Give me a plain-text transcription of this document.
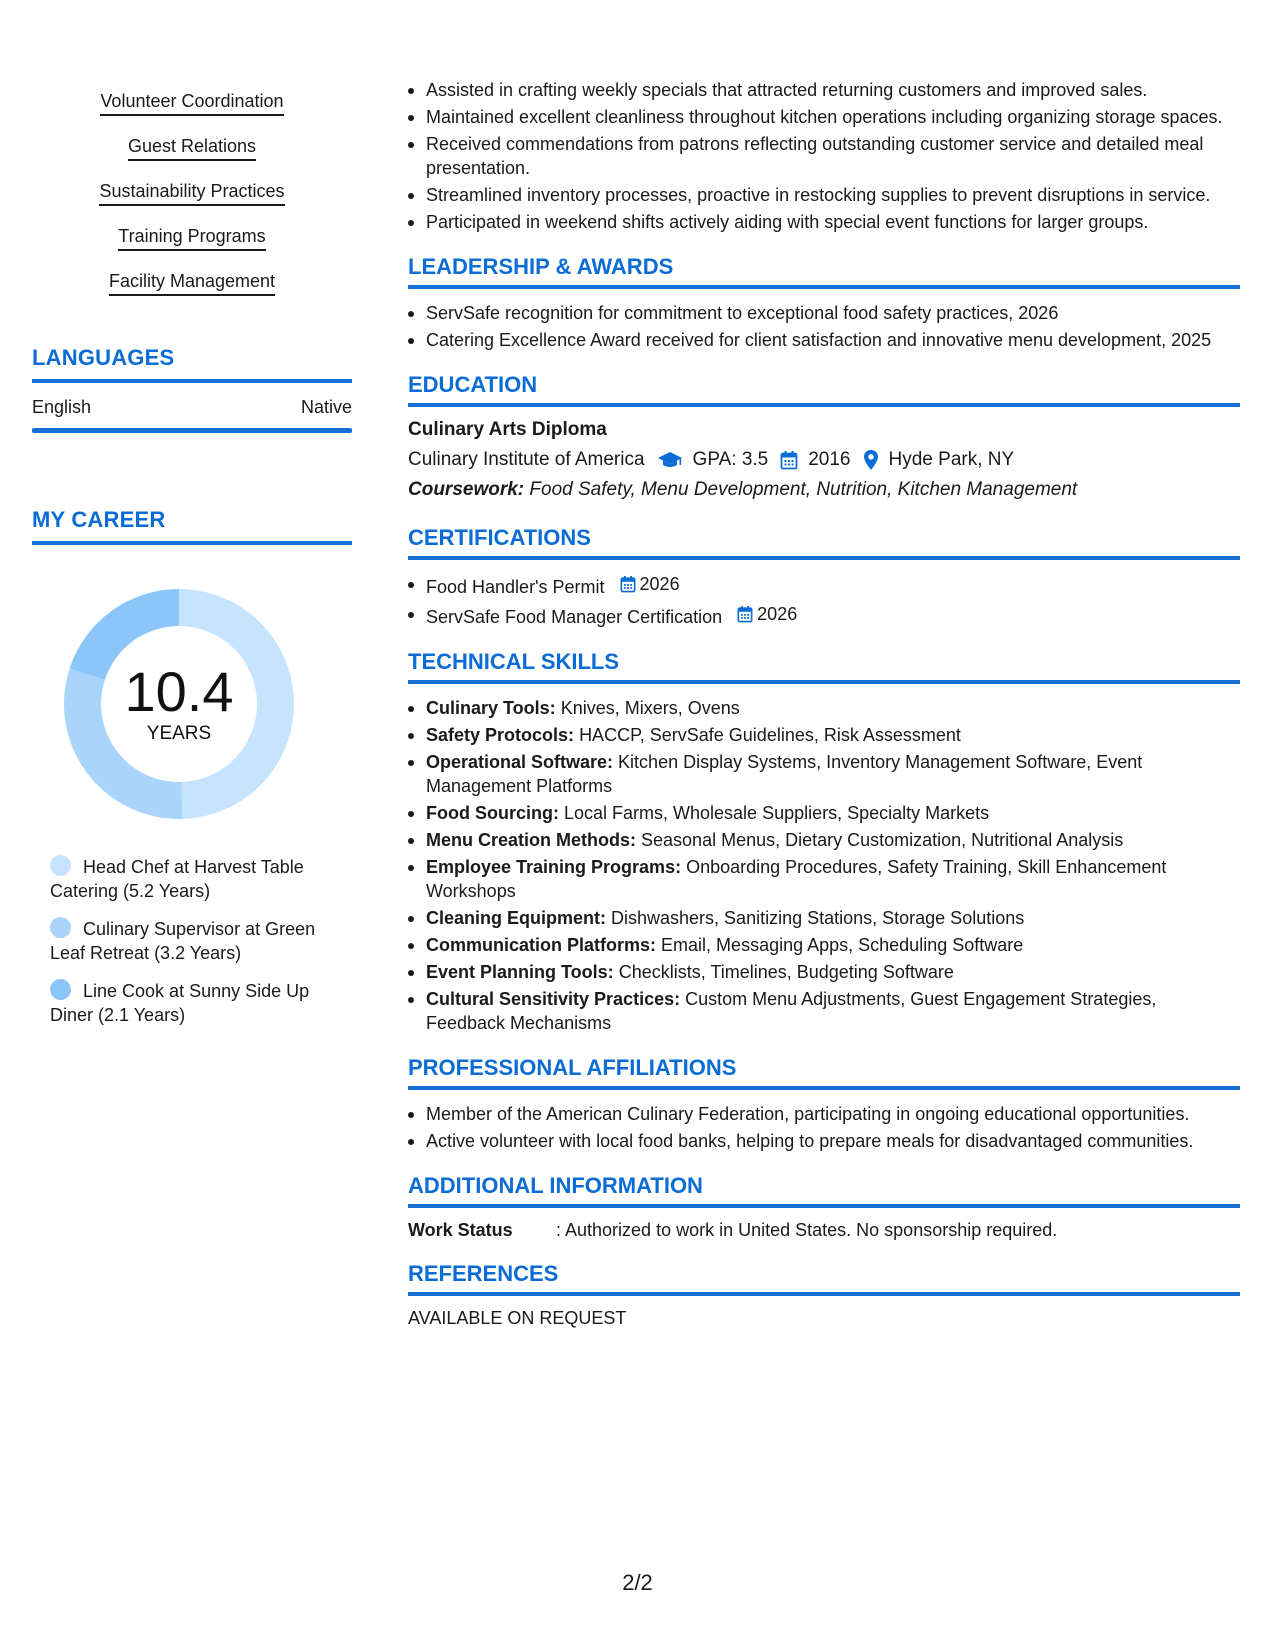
Volunteer Coordination
Guest Relations
Sustainability Practices
Training Programs
Facility Management
LANGUAGES
English	Native
MY CAREER
10.4
YEARS
Head Chef at Harvest Table Catering (5.2 Years)
Culinary Supervisor at Green Leaf Retreat (3.2 Years)
Line Cook at Sunny Side Up Diner (2.1 Years)
Assisted in crafting weekly specials that attracted returning customers and improved sales.
Maintained excellent cleanliness throughout kitchen operations including organizing storage spaces.
Received commendations from patrons reflecting outstanding customer service and detailed meal presentation.
Streamlined inventory processes, proactive in restocking supplies to prevent disruptions in service.
Participated in weekend shifts actively aiding with special event functions for larger groups.
LEADERSHIP & AWARDS
ServSafe recognition for commitment to exceptional food safety practices, 2026
Catering Excellence Award received for client satisfaction and innovative menu development, 2025
EDUCATION
Culinary Arts Diploma
Culinary Institute of America	GPA: 3.5 2016 Hyde Park, NY
Coursework: Food Safety, Menu Development, Nutrition, Kitchen Management
CERTIFICATIONS
Food Handler's Permit 2026
ServSafe Food Manager Certification 2026
TECHNICAL SKILLS
Culinary Tools: Knives, Mixers, Ovens
Safety Protocols: HACCP, ServSafe Guidelines, Risk Assessment
Operational Software: Kitchen Display Systems, Inventory Management Software, Event Management Platforms
Food Sourcing: Local Farms, Wholesale Suppliers, Specialty Markets
Menu Creation Methods: Seasonal Menus, Dietary Customization, Nutritional Analysis
Employee Training Programs: Onboarding Procedures, Safety Training, Skill Enhancement Workshops
Cleaning Equipment: Dishwashers, Sanitizing Stations, Storage Solutions
Communication Platforms: Email, Messaging Apps, Scheduling Software
Event Planning Tools: Checklists, Timelines, Budgeting Software
Cultural Sensitivity Practices: Custom Menu Adjustments, Guest Engagement Strategies, Feedback Mechanisms
PROFESSIONAL AFFILIATIONS
Member of the American Culinary Federation, participating in ongoing educational opportunities.
Active volunteer with local food banks, helping to prepare meals for disadvantaged communities.
ADDITIONAL INFORMATION
Work Status	: Authorized to work in United States. No sponsorship required.
REFERENCES
AVAILABLE ON REQUEST
2/2
